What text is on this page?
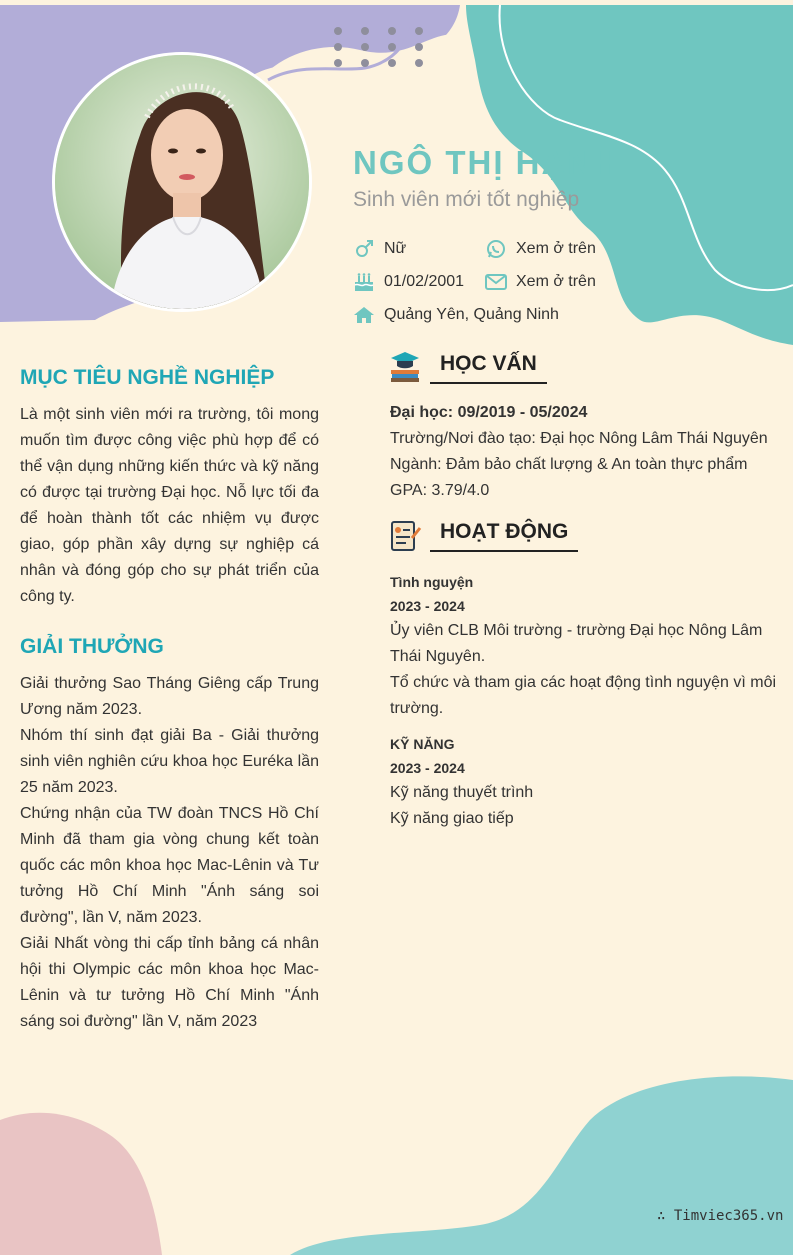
NGÔ THỊ HẠNH
Sinh viên mới tốt nghiệp
Nữ	Xem ở trên
01/02/2001	Xem ở trên
Quảng Yên, Quảng Ninh
MỤC TIÊU NGHỀ NGHIỆP
Là một sinh viên mới ra trường, tôi mong muốn tìm được công việc phù hợp để có thể vận dụng những kiến thức và kỹ năng có được tại trường Đại học. Nỗ lực tối đa để hoàn thành tốt các nhiệm vụ được giao, góp phần xây dựng sự nghiệp cá nhân và đóng góp cho sự phát triển của công ty.
GIẢI THƯỞNG
Giải thưởng Sao Tháng Giêng cấp Trung Ương năm 2023.
Nhóm thí sinh đạt giải Ba - Giải thưởng sinh viên nghiên cứu khoa học Euréka lần 25 năm 2023.
Chứng nhận của TW đoàn TNCS Hồ Chí Minh đã tham gia vòng chung kết toàn quốc các môn khoa học Mac-Lênin và Tư tưởng Hồ Chí Minh "Ánh sáng soi đường", lần V, năm 2023.
Giải Nhất vòng thi cấp tỉnh bảng cá nhân hội thi Olympic các môn khoa học Mac-Lênin và tư tưởng Hồ Chí Minh "Ánh sáng soi đường" lần V, năm 2023
HỌC VẤN
Đại học: 09/2019 - 05/2024
Trường/Nơi đào tạo: Đại học Nông Lâm Thái Nguyên
Ngành: Đảm bảo chất lượng & An toàn thực phẩm
GPA: 3.79/4.0
HOẠT ĐỘNG
Tình nguyện
2023 - 2024
Ủy viên CLB Môi trường - trường Đại học Nông Lâm Thái Nguyên.
Tổ chức và tham gia các hoạt động tình nguyện vì môi trường.
KỸ NĂNG
2023 - 2024
Kỹ năng thuyết trình
Kỹ năng giao tiếp
∴ Timviec365.vn
